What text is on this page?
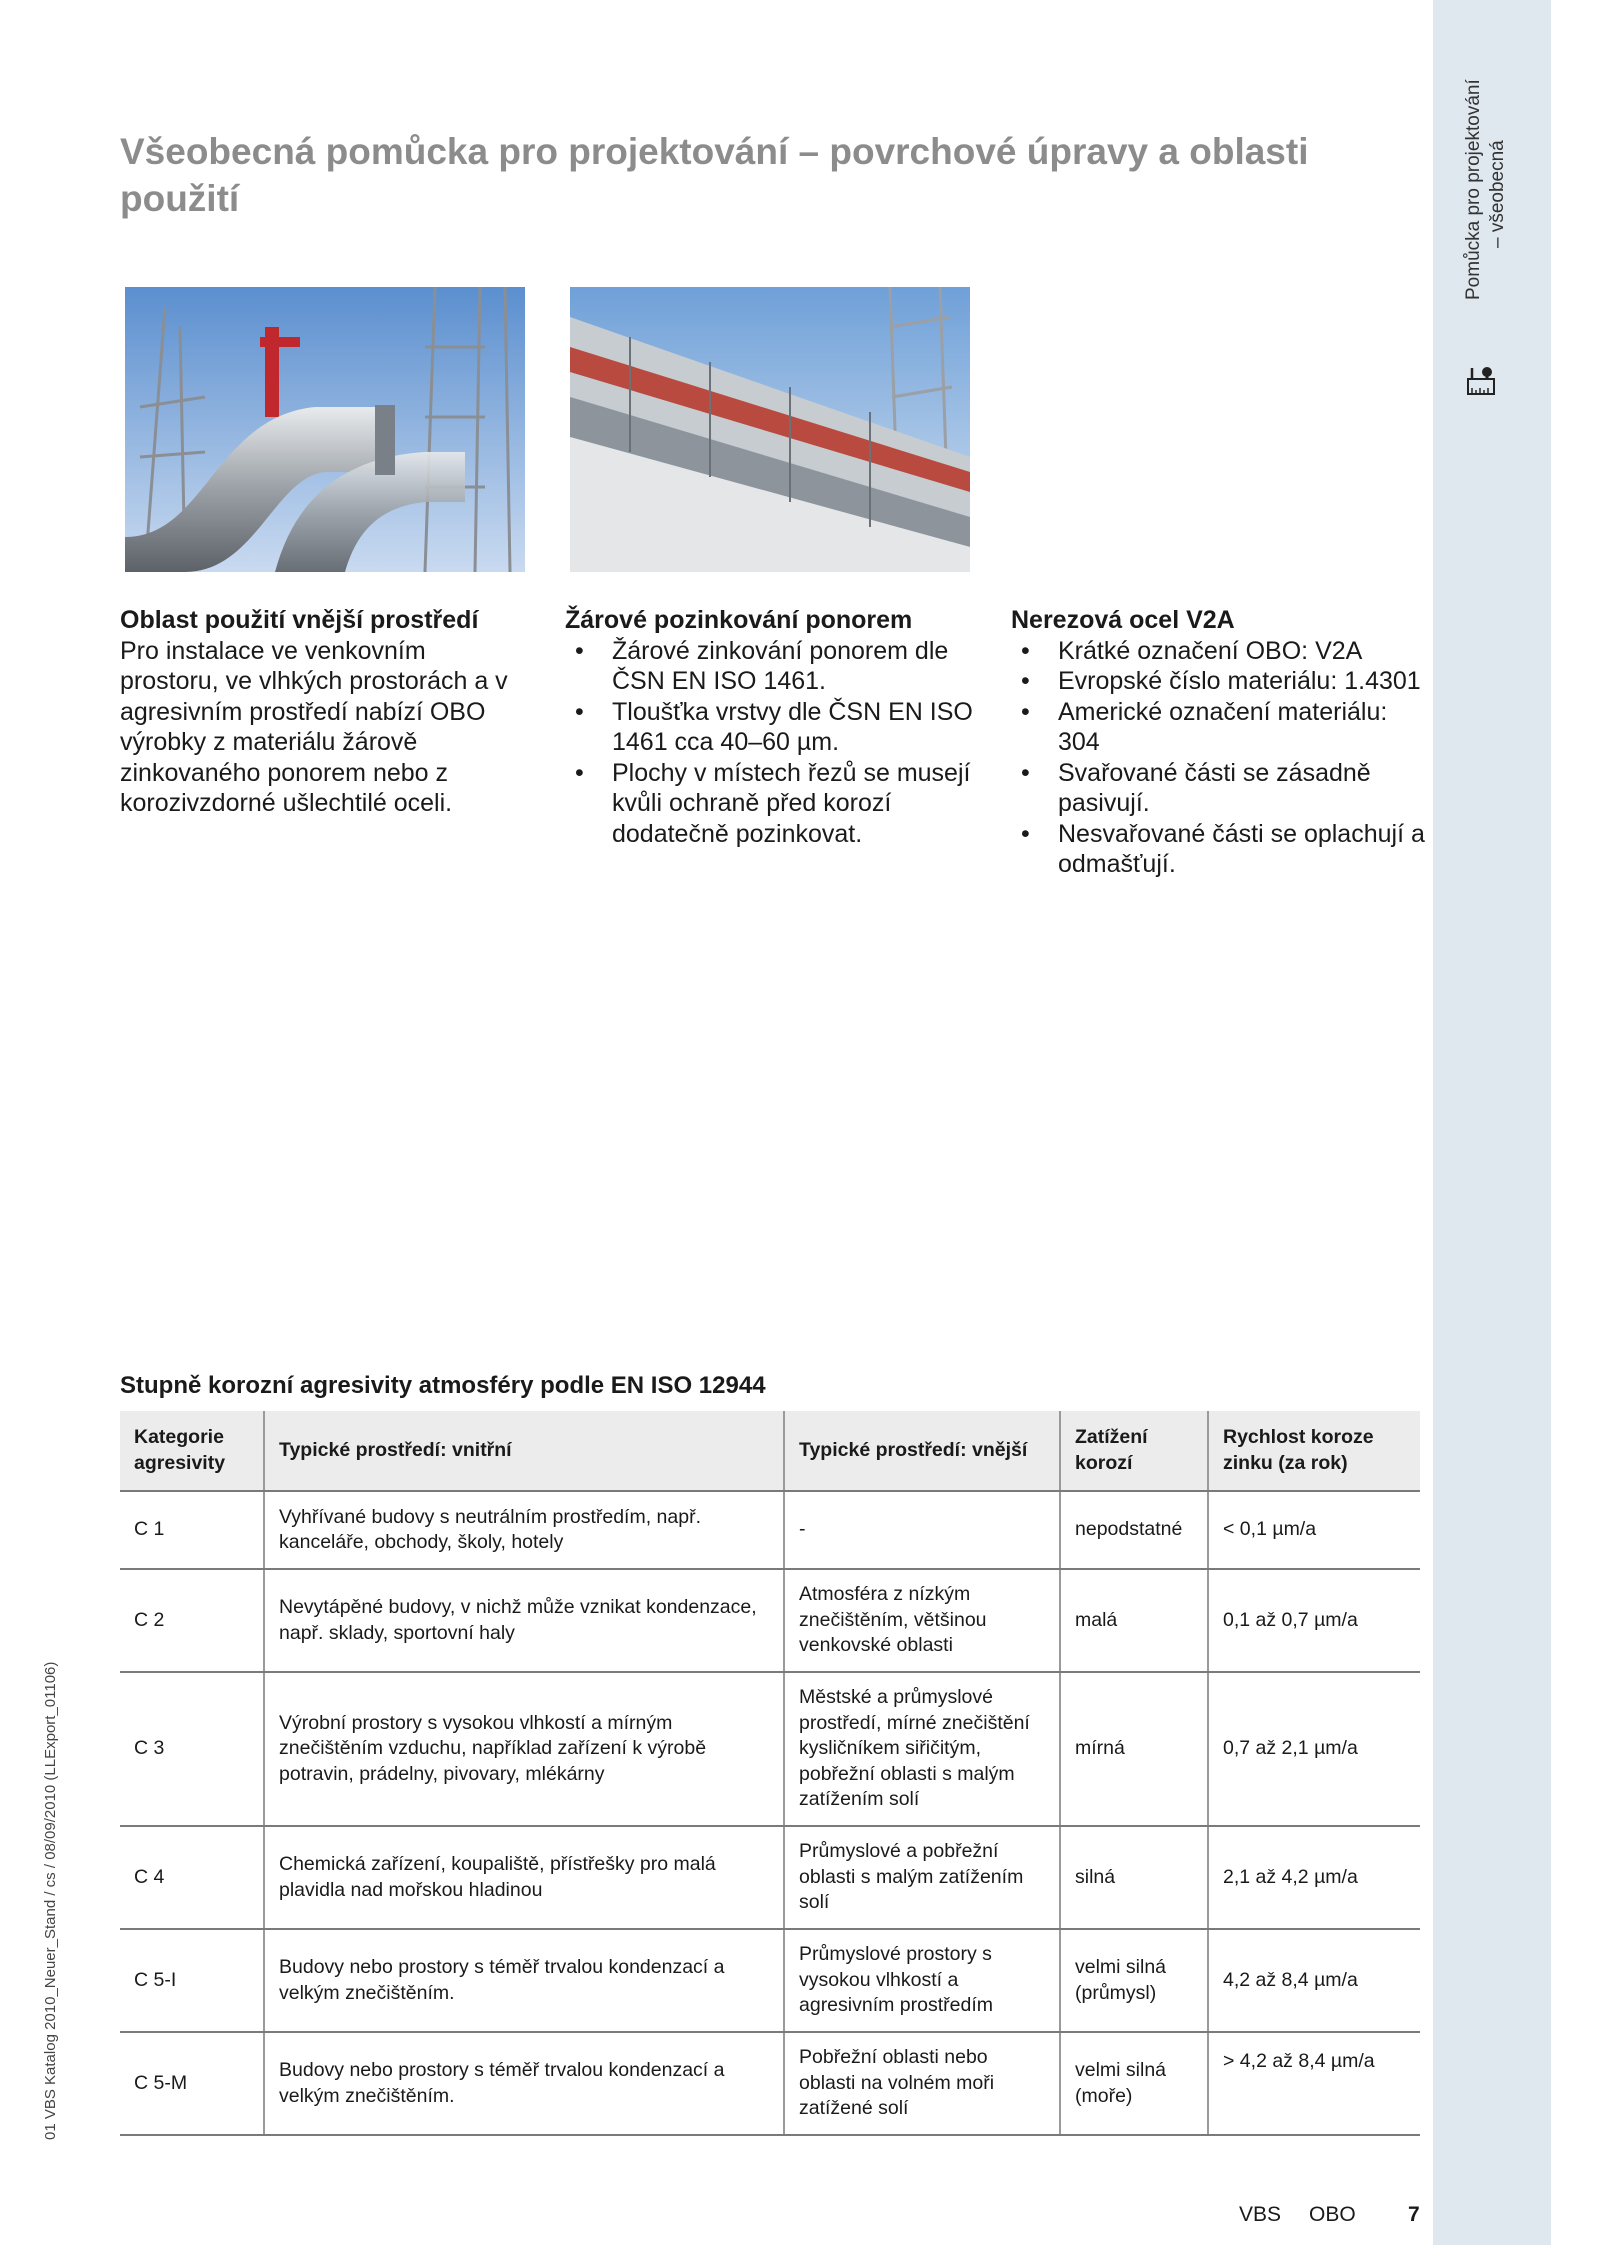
Pomůcka pro projektování – všeobecná
01 VBS Katalog 2010_Neuer_Stand / cs / 08/09/2010 (LLExport_01106)
Všeobecná pomůcka pro projektování – povrchové úpravy a oblasti použití
Oblast použití vnější prostředí

Pro instalace ve venkovním prostoru, ve vlhkých prostorách a v agresivním prostředí nabízí OBO výrobky z materiálu žárově zinkovaného ponorem nebo z korozivzdorné ušlechtilé oceli.

Žárové pozinkování ponorem
• Žárové zinkování ponorem dle ČSN EN ISO 1461.
• Tloušťka vrstvy dle ČSN EN ISO 1461 cca 40–60 µm.
• Plochy v místech řezů se musejí kvůli ochraně před korozí dodatečně pozinkovat.
Nerezová ocel V2A
• Krátké označení OBO: V2A
• Evropské číslo materiálu: 1.4301
• Americké označení materiálu: 304
• Svařované části se zásadně pasivují.
• Nesvařované části se oplachují a odmašťují.
Stupně korozní agresivity atmosféry podle EN ISO 12944
Kategorie agresivity	Typické prostředí: vnitřní	Typické prostředí: vnější	Zatížení korozí	Rychlost koroze zinku (za rok)
C 1	Vyhřívané budovy s neutrálním prostředím, např. kanceláře, obchody, školy, hotely	-	nepodstatné	< 0,1 µm/a
C 2	Nevytápěné budovy, v nichž může vznikat kondenzace, např. sklady, sportovní haly	Atmosféra z nízkým znečištěním, většinou venkovské oblasti	malá	0,1 až 0,7 µm/a
C 3	Výrobní prostory s vysokou vlhkostí a mírným znečištěním vzduchu, například zařízení k výrobě potravin, prádelny, pivovary, mlékárny	Městské a průmyslové prostředí, mírné znečištění kysličníkem siřičitým, pobřežní oblasti s malým zatížením solí	mírná	0,7 až 2,1 µm/a
C 4	Chemická zařízení, koupaliště, přístřešky pro malá plavidla nad mořskou hladinou	Průmyslové a pobřežní oblasti s malým zatížením solí	silná	2,1 až 4,2 µm/a
C 5-I	Budovy nebo prostory s téměř trvalou kondenzací a velkým znečištěním.	Průmyslové prostory s vysokou vlhkostí a agresivním prostředím	velmi silná (průmysl)	4,2 až 8,4 µm/a
C 5-M	Budovy nebo prostory s téměř trvalou kondenzací a velkým znečištěním.	Pobřežní oblasti nebo oblasti na volném moři zatížené solí	velmi silná (moře)	> 4,2 až 8,4 µm/a
VBS OBO 7
